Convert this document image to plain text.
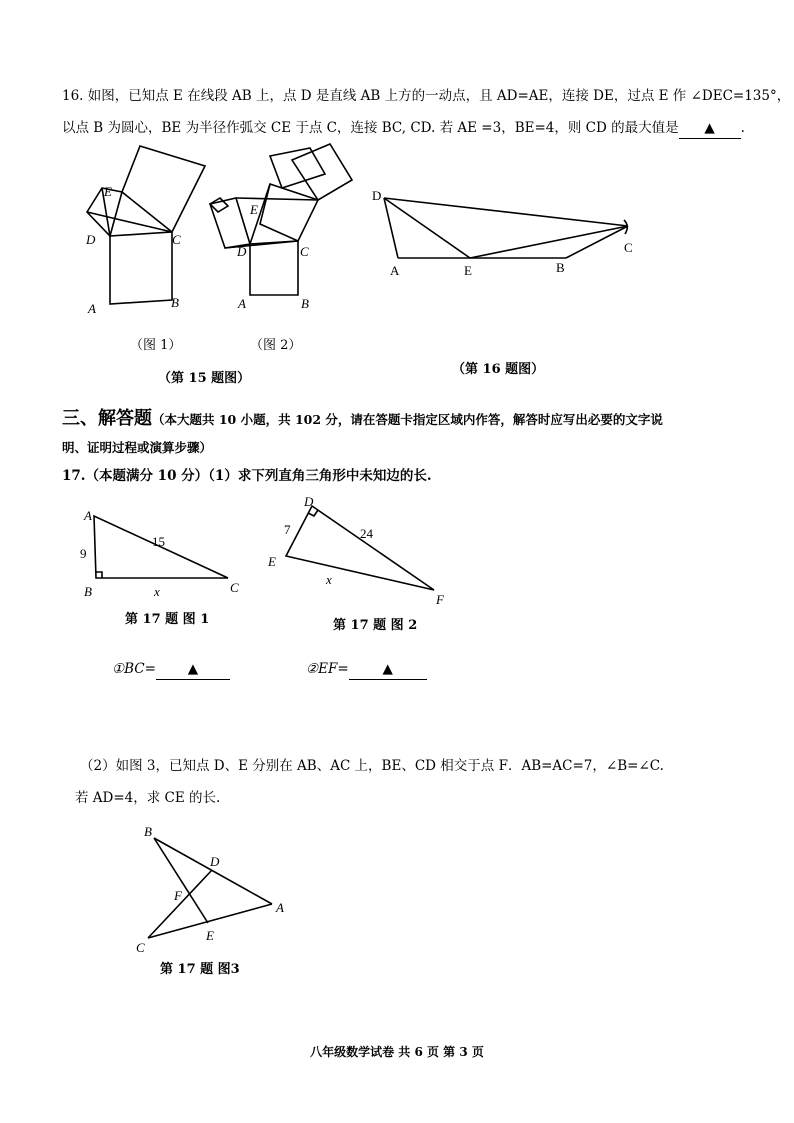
16. 如图，已知点 E 在线段 AB 上，点 D 是直线 AB 上方的一动点，且 AD=AE，连接 DE，过点 E 作 ∠DEC=135°，
以点 B 为圆心，BE 为半径作弧交 CE 于点 C，连接 BC, CD. 若 AE =3，BE=4，则 CD 的最大值是 ▲ .
E
D	C
A	B
E
D	C
A	B
（图 1）	（图 2）
（第 15 题图）
D
A	E	B
C
（第 16 题图）
三、解答题（本大题共 10 小题，共 102 分，请在答题卡指定区域内作答，解答时应写出必要的文字说
明、证明过程或演算步骤）
17.（本题满分 10 分）（1）求下列直角三角形中未知边的长.
A
B	C
9
15
x
第 17 题 图 1
D
E
F
7	24
x
第 17 题 图 2
①BC= ▲	②EF=	▲
（2）如图 3，已知点 D、E 分别在 AB、AC 上，BE、CD 相交于点 F．AB=AC=7，∠B=∠C.
若 AD=4，求 CE 的长.
B
D
F
A
E
C
第 17 题 图3
八年级数学试卷 共 6 页 第 3 页
